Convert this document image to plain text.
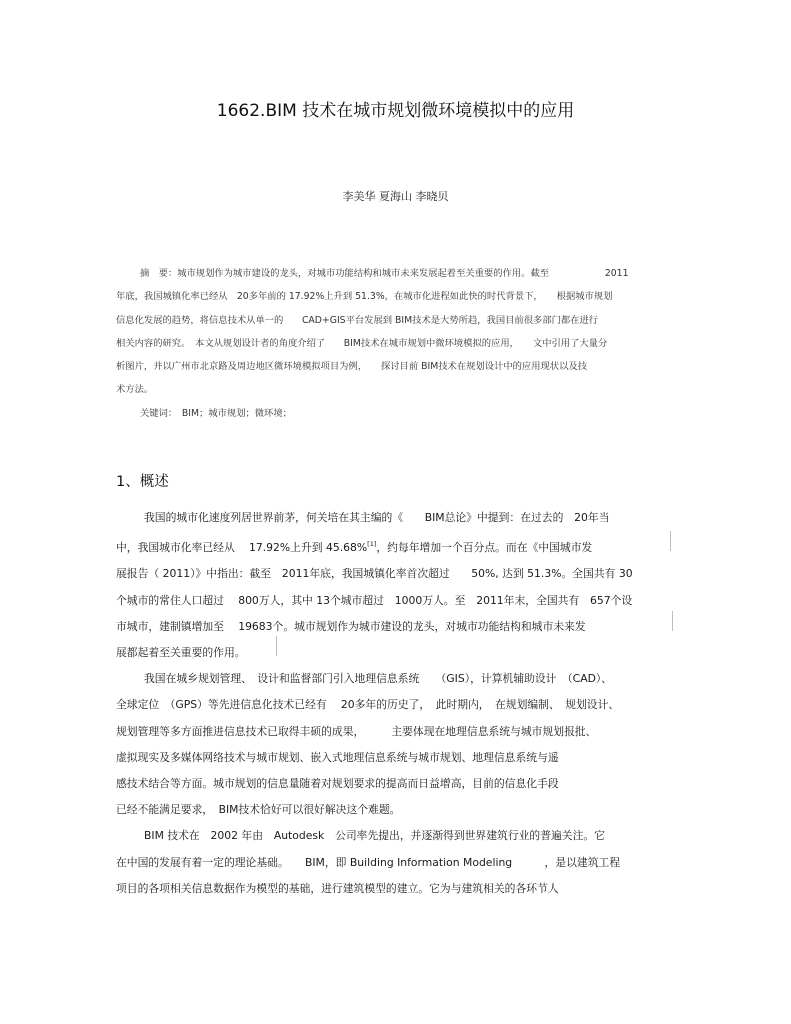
1662.BIM 技术在城市规划微环境模拟中的应用
李美华 夏海山 李晓贝
摘　要：城市规划作为城市建设的龙头，对城市功能结构和城市未来发展起着至关重要的作用。截至　　　　　　2011
年底，我国城镇化率已经从　20多年前的 17.92%上升到 51.3%，在城市化进程如此快的时代背景下，　　根据城市规划
信息化发展的趋势，将信息技术从单一的　　CAD+GIS平台发展到 BIM技术是大势所趋，我国目前很多部门都在进行
相关内容的研究。　本文从规划设计者的角度介绍了　　BIM技术在城市规划中微环境模拟的应用，　　文中引用了大量分
析图片，并以广州市北京路及周边地区微环境模拟项目为例，　　探讨目前 BIM技术在规划设计中的应用现状以及技
术方法。
关键词：　BIM；城市规划；微环境；
1、概述
我国的城市化速度列居世界前茅，何关培在其主编的《　　BIM总论》中提到：在过去的　20年当
中，我国城市化率已经从　 17.92%上升到 45.68%[1]，约每年增加一个百分点。而在《中国城市发
展报告（ 2011）》中指出：截至　2011年底，我国城镇化率首次超过　　50%, 达到 51.3%。全国共有 30
个城市的常住人口超过　 800万人，其中 13个城市超过　1000万人。至　2011年末，全国共有　657个设
市城市，建制镇增加至　 19683个。城市规划作为城市建设的龙头，对城市功能结构和城市未来发
展都起着至关重要的作用。
我国在城乡规划管理、　设计和监督部门引入地理信息系统　　（GIS），计算机辅助设计　（CAD）、
全球定位　（GPS）等先进信息化技术已经有　 20多年的历史了，　此时期内，　在规划编制、　规划设计、
规划管理等多方面推进信息技术已取得丰硕的成果，　　　主要体现在地理信息系统与城市规划报批、
虚拟现实及多媒体网络技术与城市规划、嵌入式地理信息系统与城市规划、地理信息系统与遥
感技术结合等方面。城市规划的信息量随着对规划要求的提高而日益增高，目前的信息化手段
已经不能满足要求，　BIM技术恰好可以很好解决这个难题。
BIM 技术在　2002 年由　Autodesk　公司率先提出，并逐渐得到世界建筑行业的普遍关注。它
在中国的发展有着一定的理论基础。　　BIM，即 Building Information Modeling　　　，是以建筑工程
项目的各项相关信息数据作为模型的基础，进行建筑模型的建立。它为与建筑相关的各环节人
